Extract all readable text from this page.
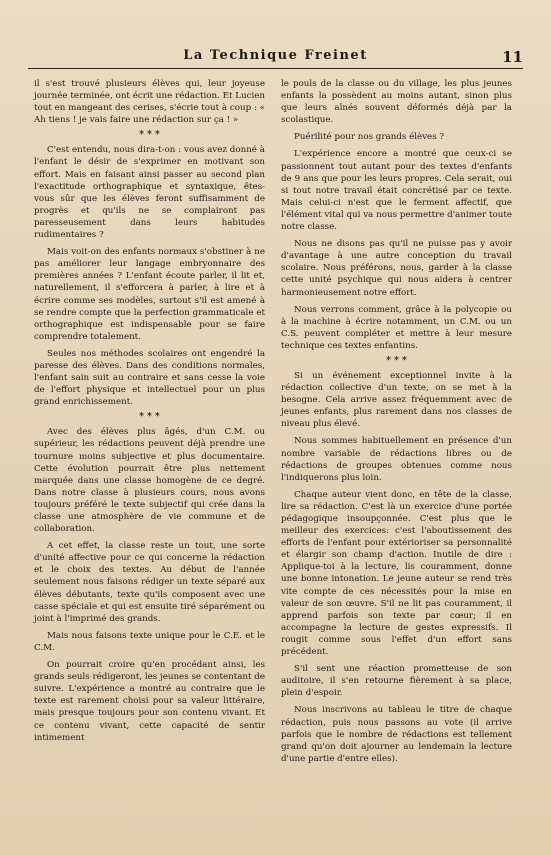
La Technique Freinet	11

il s'est trouvé plusieurs élèves qui, leur joyeuse journée terminée, ont écrit une rédaction. Et Lucien tout en mangeant des cerises, s'écrie tout à coup : « Ah tiens ! je vais faire une rédaction sur ça ! »

* * *

C'est entendu, nous dira-t-on : vous avez donné à l'enfant le désir de s'exprimer en motivant son effort. Mais en faisant ainsi passer au second plan l'exactitude orthographique et syntaxique, êtes-vous sûr que les élèves feront suffisamment de progrès et qu'ils ne se complairont pas paresseusement dans leurs habitudes rudimentaires ?

Mais voit-on des enfants normaux s'obstiner à ne pas améliorer leur langage embryonnaire des premières années ? L'enfant écoute parler, il lit et, naturellement, il s'efforcera à parler, à lire et à écrire comme ses modèles, surtout s'il est amené à se rendre compte que la perfection grammaticale et orthographique est indispensable pour se faire comprendre totalement.

Seules nos méthodes scolaires ont engendré la paresse des élèves. Dans des conditions normales, l'enfant sain suit au contraire et sans cesse la voie de l'effort physique et intellectuel pour un plus grand enrichissement.

* * *

Avec des élèves plus âgés, d'un C.M. ou supérieur, les rédactions peuvent déjà prendre une tournure moins subjective et plus documentaire. Cette évolution pourrait être plus nettement marquée dans une classe homogène de ce degré. Dans notre classe à plusieurs cours, nous avons toujours préféré le texte subjectif qui crée dans la classe une atmosphère de vie commune et de collaboration.

A cet effet, la classe reste un tout, une sorte d'unité affective pour ce qui concerne la rédaction et le choix des textes. Au début de l'année seulement nous faisons rédiger un texte séparé aux élèves débutants, texte qu'ils composent avec une casse spéciale et qui est ensuite tiré séparément ou joint à l'imprimé des grands.

Mais nous faisons texte unique pour le C.E. et le C.M.

On pourrait croire qu'en procédant ainsi, les grands seuls rédigeront, les jeunes se contentant de suivre. L'expérience a montré au contraire que le texte est rarement choisi pour sa valeur littéraire, mais presque toujours pour son contenu vivant. Et ce contenu vivant, cette capacité de sentir intimement

le pouls de la classe ou du village, les plus jeunes enfants la possèdent au moins autant, sinon plus que leurs aînés souvent déformés déjà par la scolastique.

Puérilité pour nos grands élèves ?

L'expérience encore a montré que ceux-ci se passionnent tout autant pour des textes d'enfants de 9 ans que pour les leurs propres. Cela serait, oui si tout notre travail était concrétisé par ce texte. Mais celui-ci n'est que le ferment affectif, que l'élément vital qui va nous permettre d'animer toute notre classe.

Nous ne disons pas qu'il ne puisse pas y avoir d'avantage à une autre conception du travail scolaire. Nous préférons, nous, garder à la classe cette unité psychique qui nous aidera à centrer harmonieusement notre effort.

Nous verrons comment, grâce à la polycopie ou à la machine à écrire notamment, un C.M. ou un C.S. peuvent compléter et mettre à leur mesure technique ces textes enfantins.

* * *

Si un événement exceptionnel invite à la rédaction collective d'un texte, on se met à la besogne. Cela arrive assez fréquemment avec de jeunes enfants, plus rarement dans nos classes de niveau plus élevé.

Nous sommes habituellement en présence d'un nombre variable de rédactions libres ou de rédactions de groupes obtenues comme nous l'indiquerons plus loin.

Chaque auteur vient donc, en tête de la classe, lire sa rédaction. C'est là un exercice d'une portée pédagogique insoupçonnée. C'est plus que le meilleur des exercices: c'est l'aboutissement des efforts de l'enfant pour extérioriser sa personnalité et élargir son champ d'action. Inutile de dire : Applique-toi à la lecture, lis couramment, donne une bonne intonation. Le jeune auteur se rend très vite compte de ces nécessités pour la mise en valeur de son œuvre. S'il ne lit pas couramment, il apprend parfois son texte par cœur; il en accompagne la lecture de gestes expressifs. Il rougit comme sous l'effet d'un effort sans précédent.

S'il sent une réaction prometteuse de son auditoire, il s'en retourne fièrement à sa place, plein d'espoir.

Nous inscrivons au tableau le titre de chaque rédaction, puis nous passons au vote (il arrive parfois que le nombre de rédactions est tellement grand qu'on doit ajourner au lendemain la lecture d'une partie d'entre elles).
